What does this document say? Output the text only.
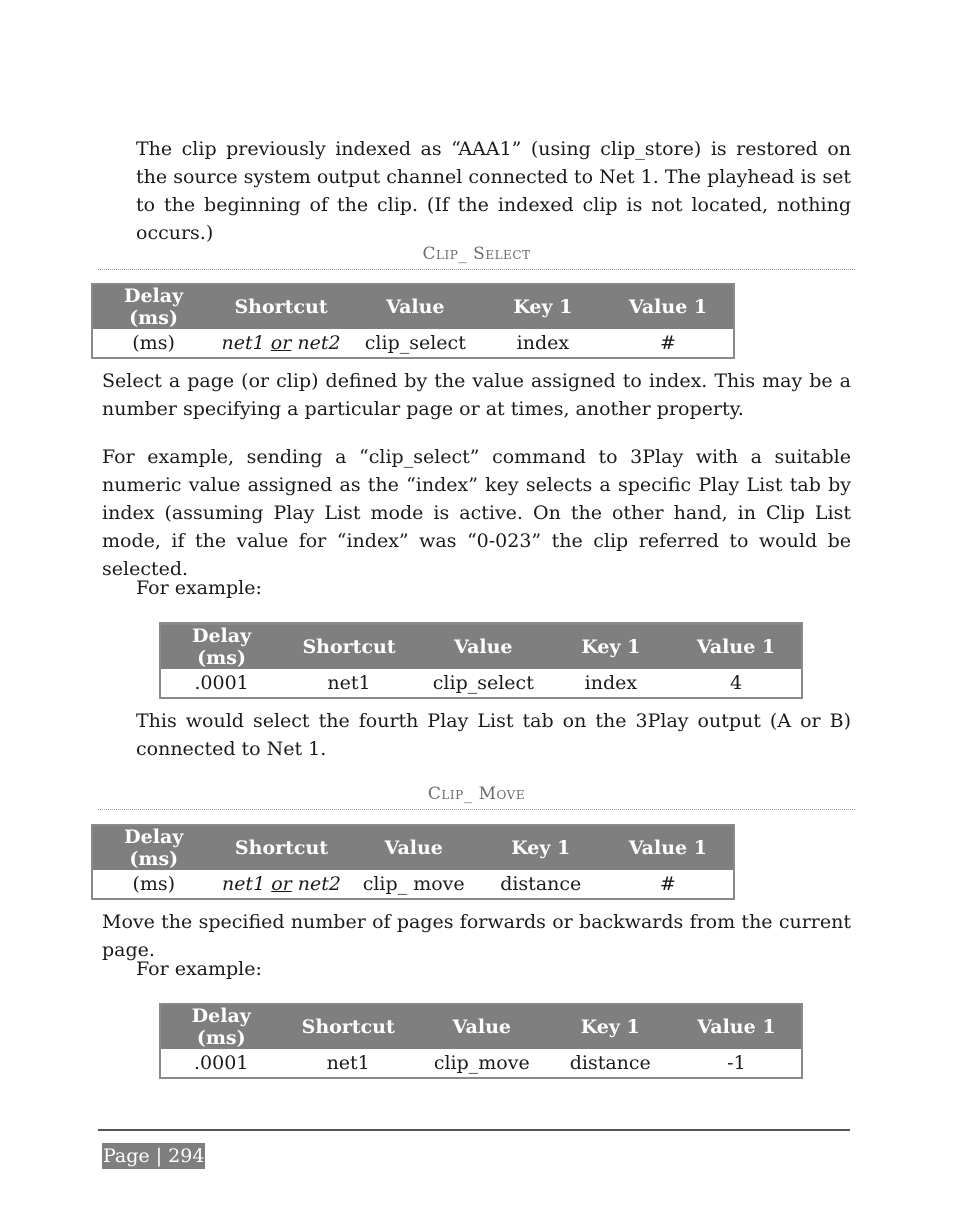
The clip previously indexed as “AAA1” (using clip_store) is restored on the source system output channel connected to Net 1. The playhead is set to the beginning of the clip. (If the indexed clip is not located, nothing occurs.)

Clip_ Select
Delay (ms)	Shortcut	Value	Key 1	Value 1
(ms)	net1 or net2	clip_select	index	#

Select a page (or clip) defined by the value assigned to index. This may be a number specifying a particular page or at times, another property.

For example, sending a “clip_select” command to 3Play with a suitable numeric value assigned as the “index” key selects a specific Play List tab by index (assuming Play List mode is active. On the other hand, in Clip List mode, if the value for “index” was “0-023” the clip referred to would be selected.

For example:

Delay (ms)	Shortcut	Value	Key 1	Value 1
.0001	net1	clip_select	index	4

This would select the fourth Play List tab on the 3Play output (A or B) connected to Net 1.

Clip_ Move
Delay (ms)	Shortcut	Value	Key 1	Value 1
(ms)	net1 or net2	clip_ move	distance	#

Move the specified number of pages forwards or backwards from the current page.

For example:

Delay (ms)	Shortcut	Value	Key 1	Value 1
.0001	net1	clip_move	distance	-1
Page | 294
